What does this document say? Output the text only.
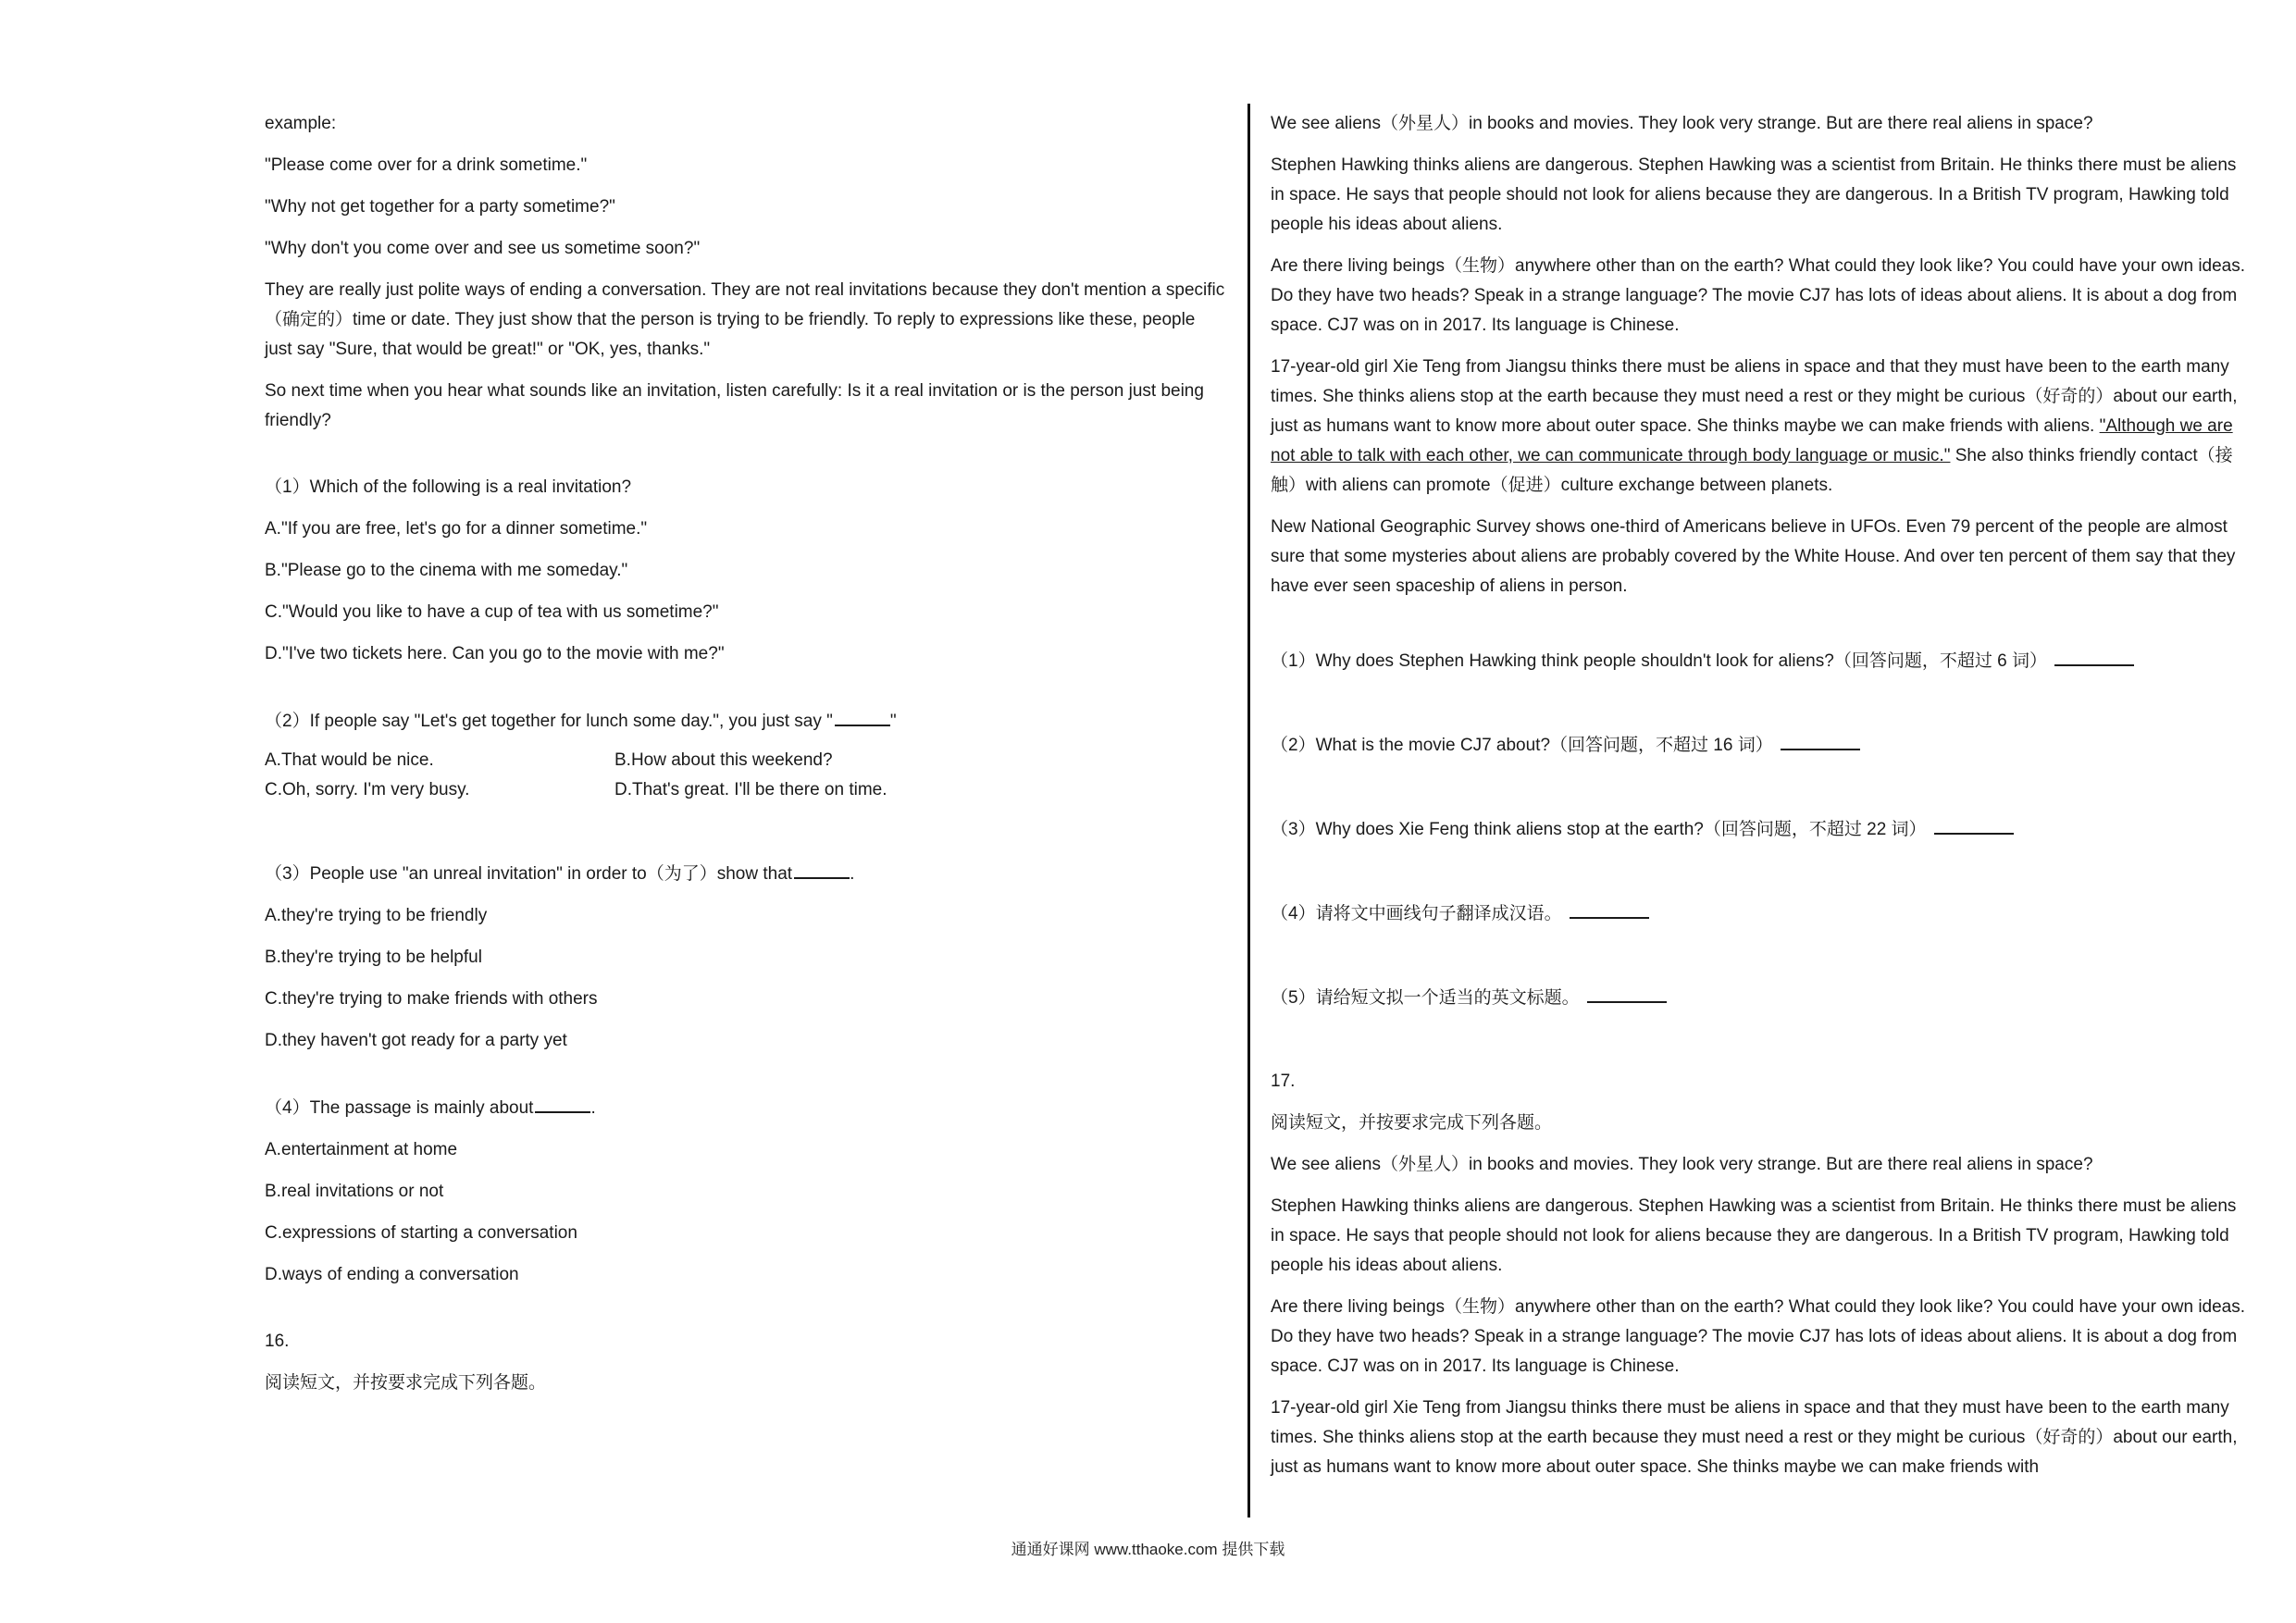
example:

"Please come over for a drink sometime."

"Why not get together for a party sometime?"

"Why don't you come over and see us sometime soon?"

They are really just polite ways of ending a conversation. They are not real invitations because they don't mention a specific（确定的）time or date. They just show that the person is trying to be friendly. To reply to expressions like these, people just say "Sure, that would be great!" or "OK, yes, thanks."

So next time when you hear what sounds like an invitation, listen carefully: Is it a real invitation or is the person just being friendly?

（1）Which of the following is a real invitation?

A."If you are free, let's go for a dinner sometime."

B."Please go to the cinema with me someday."

C."Would you like to have a cup of tea with us sometime?"

D."I've two tickets here. Can you go to the movie with me?"

（2）If people say "Let's get together for lunch some day.", you just say "	"

A.That would be nice.	B.How about this weekend?

C.Oh, sorry. I'm very busy.	D.That's great. I'll be there on time.

（3）People use "an unreal invitation" in order to（为了）show that	.

A.they're trying to be friendly

B.they're trying to be helpful

C.they're trying to make friends with others

D.they haven't got ready for a party yet

（4）The passage is mainly about	.

A.entertainment at home

B.real invitations or not

C.expressions of starting a conversation

D.ways of ending a conversation

16.

阅读短文，并按要求完成下列各题。

We see aliens（外星人）in books and movies. They look very strange. But are there real aliens in space?

Stephen Hawking thinks aliens are dangerous. Stephen Hawking was a scientist from Britain. He thinks there must be aliens in space. He says that people should not look for aliens because they are dangerous. In a British TV program, Hawking told people his ideas about aliens.

Are there living beings（生物）anywhere other than on the earth? What could they look like? You could have your own ideas. Do they have two heads? Speak in a strange language? The movie CJ7 has lots of ideas about aliens. It is about a dog from space. CJ7 was on in 2017. Its language is Chinese.

17-year-old girl Xie Teng from Jiangsu thinks there must be aliens in space and that they must have been to the earth many times. She thinks aliens stop at the earth because they must need a rest or they might be curious（好奇的）about our earth, just as humans want to know more about outer space. She thinks maybe we can make friends with aliens. "Although we are not able to talk with each other, we can communicate through body language or music." She also thinks friendly contact（接触）with aliens can promote（促进）culture exchange between planets.

New National Geographic Survey shows one-third of Americans believe in UFOs. Even 79 percent of the people are almost sure that some mysteries about aliens are probably covered by the White House. And over ten percent of them say that they have ever seen spaceship of aliens in person.

（1）Why does Stephen Hawking think people shouldn't look for aliens?（回答问题，不超过 6 词）

（2）What is the movie CJ7 about?（回答问题，不超过 16 词）

（3）Why does Xie Feng think aliens stop at the earth?（回答问题，不超过 22 词）

（4）请将文中画线句子翻译成汉语。

（5）请给短文拟一个适当的英文标题。

17.

阅读短文，并按要求完成下列各题。

We see aliens（外星人）in books and movies. They look very strange. But are there real aliens in space?

Stephen Hawking thinks aliens are dangerous. Stephen Hawking was a scientist from Britain. He thinks there must be aliens in space. He says that people should not look for aliens because they are dangerous. In a British TV program, Hawking told people his ideas about aliens.

Are there living beings（生物）anywhere other than on the earth? What could they look like? You could have your own ideas. Do they have two heads? Speak in a strange language? The movie CJ7 has lots of ideas about aliens. It is about a dog from space. CJ7 was on in 2017. Its language is Chinese.

17-year-old girl Xie Teng from Jiangsu thinks there must be aliens in space and that they must have been to the earth many times. She thinks aliens stop at the earth because they must need a rest or they might be curious（好奇的）about our earth, just as humans want to know more about outer space. She thinks maybe we can make friends with

通通好课网 www.tthaoke.com 提供下载
